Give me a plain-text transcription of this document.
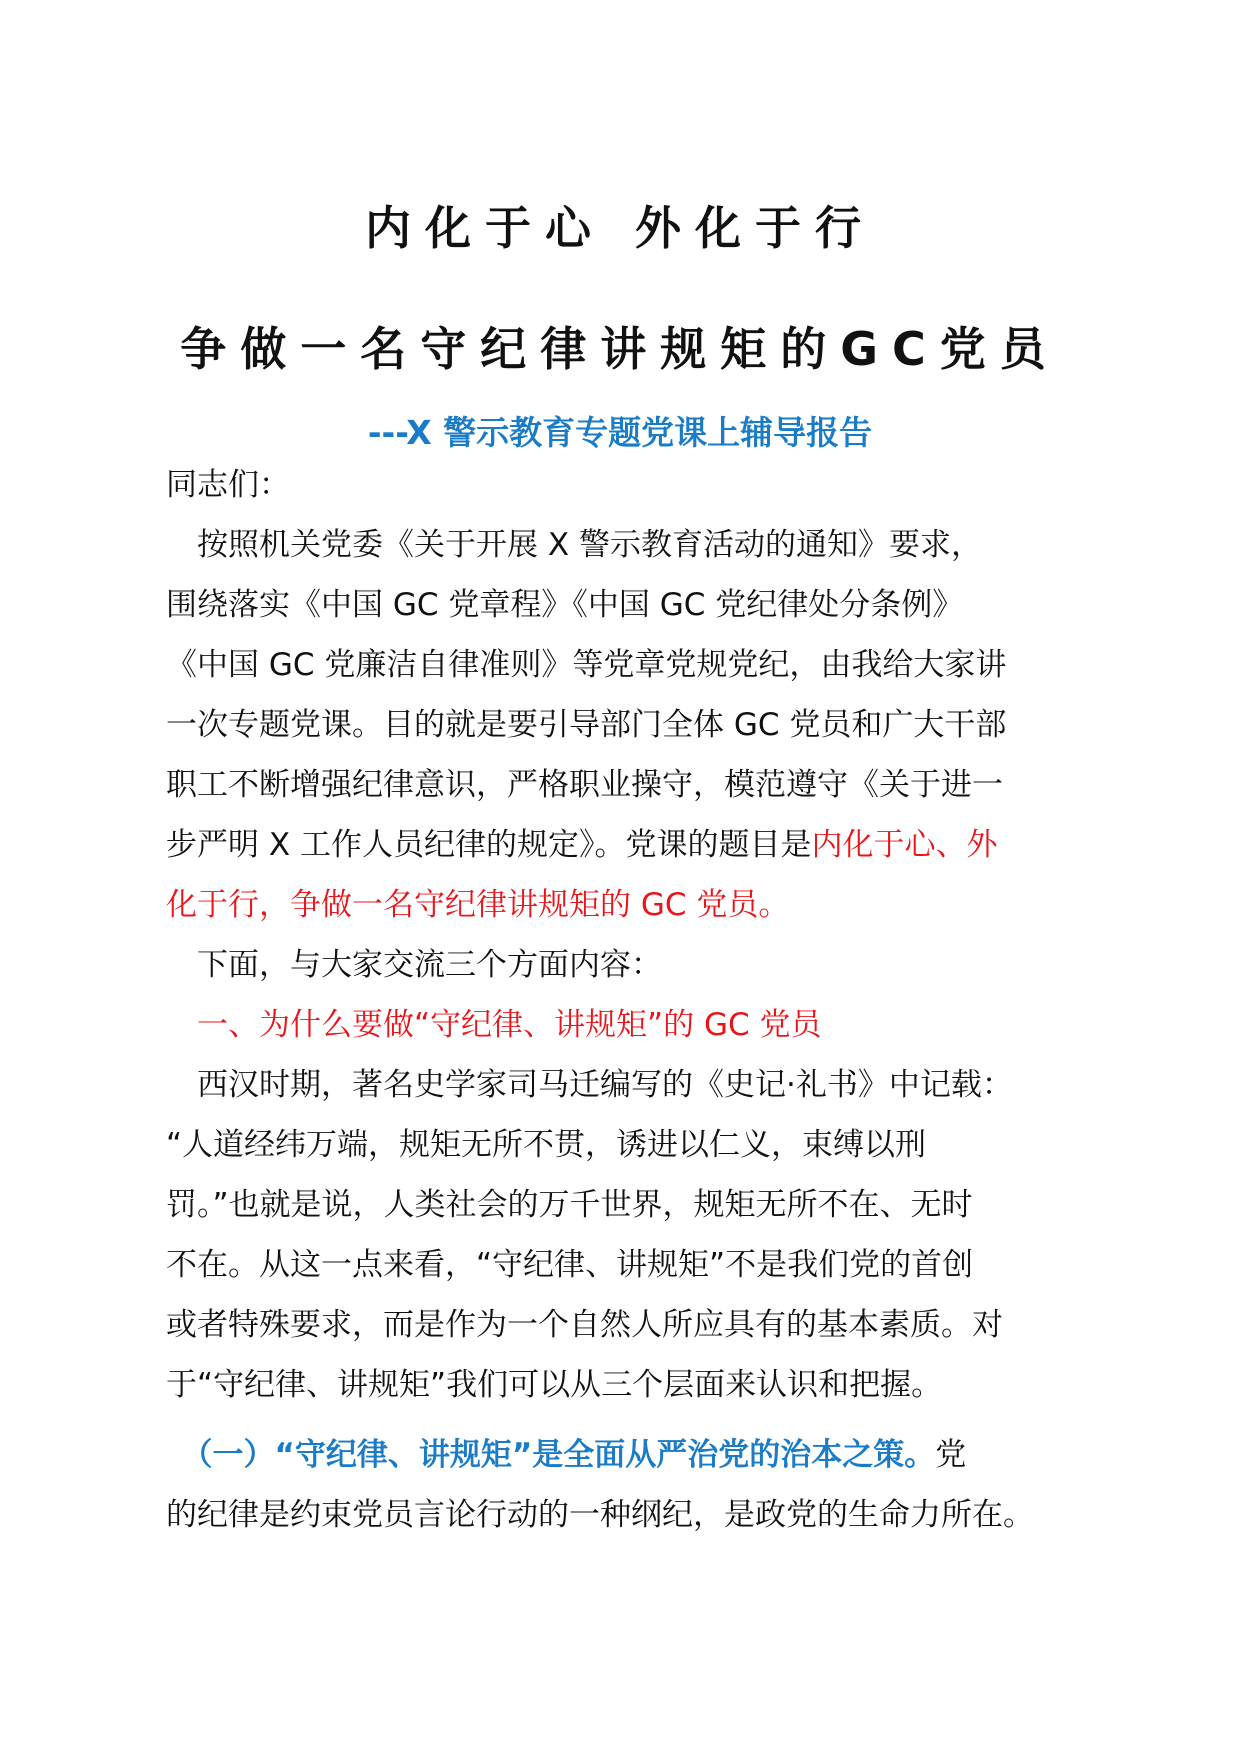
内化于心 外化于行
争做一名守纪律讲规矩的GC党员
---X 警示教育专题党课上辅导报告
同志们：
　按照机关党委《关于开展 X 警示教育活动的通知》要求，
围绕落实《中国 GC 党章程》《中国 GC 党纪律处分条例》
《中国 GC 党廉洁自律准则》等党章党规党纪，由我给大家讲
一次专题党课。目的就是要引导部门全体 GC 党员和广大干部
职工不断增强纪律意识，严格职业操守，模范遵守《关于进一
步严明 X 工作人员纪律的规定》。党课的题目是内化于心、外
化于行，争做一名守纪律讲规矩的 GC 党员。
　下面，与大家交流三个方面内容：
　一、为什么要做“守纪律、讲规矩”的 GC 党员
　西汉时期，著名史学家司马迁编写的《史记·礼书》中记载：
“人道经纬万端，规矩无所不贯，诱进以仁义，束缚以刑
罚。”也就是说，人类社会的万千世界，规矩无所不在、无时
不在。从这一点来看，“守纪律、讲规矩”不是我们党的首创
或者特殊要求，而是作为一个自然人所应具有的基本素质。对
于“守纪律、讲规矩”我们可以从三个层面来认识和把握。
　（一）“守纪律、讲规矩”是全面从严治党的治本之策。党
的纪律是约束党员言论行动的一种纲纪，是政党的生命力所在。
